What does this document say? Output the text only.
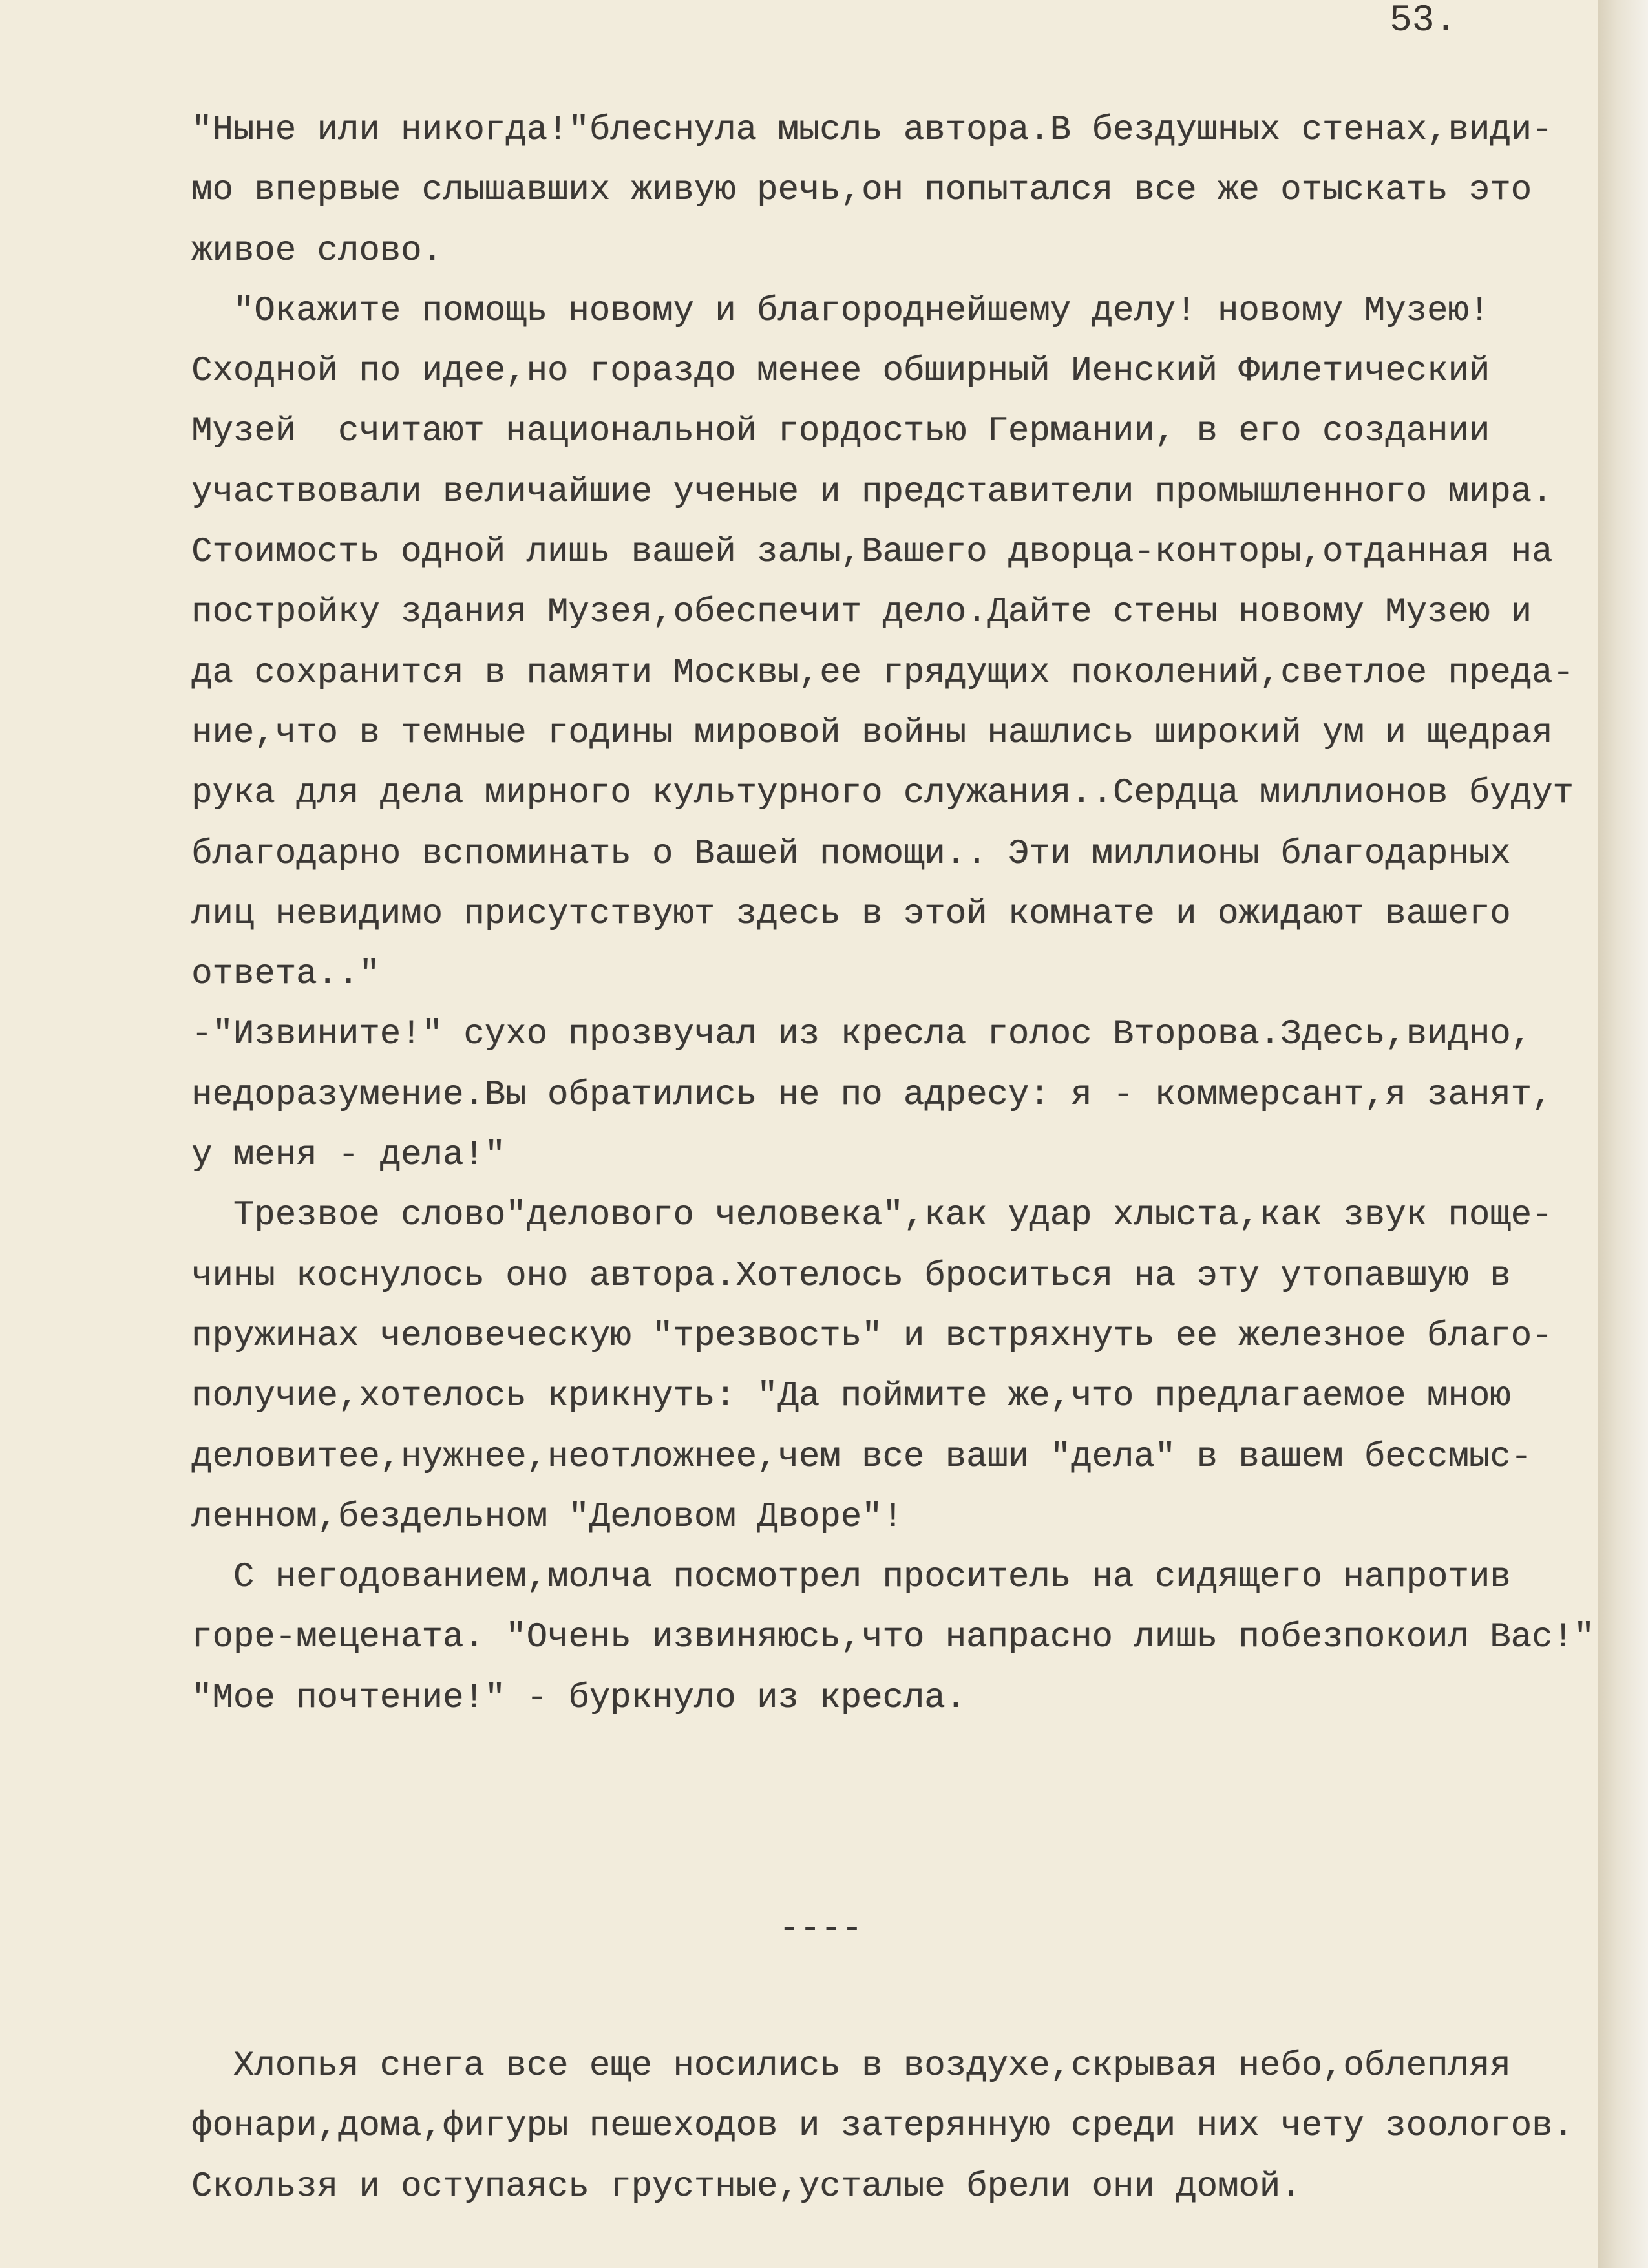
53.

"Ныне или никогда!"блеснула мысль автора.В бездушных стенах,види-
мо впервые слышавших живую речь,он попытался все же отыскать это
живое слово.
"Окажите помощь новому и благороднейшему делу! новому Музею!
Сходной по идее,но гораздо менее обширный Иенский Филетический
Музей  считают национальной гордостью Германии, в его создании
участвовали величайшие ученые и представители промышленного мира.
Стоимость одной лишь вашей залы,Вашего дворца-конторы,отданная на
постройку здания Музея,обеспечит дело.Дайте стены новому Музею и
да сохранится в памяти Москвы,ее грядущих поколений,светлое преда-
ние,что в темные годины мировой войны нашлись широкий ум и щедрая
рука для дела мирного культурного служания..Сердца миллионов будут
благодарно вспоминать о Вашей помощи.. Эти миллионы благодарных
лиц невидимо присутствуют здесь в этой комнате и ожидают вашего
ответа.."
-"Извините!" сухо прозвучал из кресла голос Второва.Здесь,видно,
недоразумение.Вы обратились не по адресу: я - коммерсант,я занят,
у меня - дела!"
Трезвое слово"делового человека",как удар хлыста,как звук поще-
чины коснулось оно автора.Хотелось броситься на эту утопавшую в
пружинах человеческую "трезвость" и встряхнуть ее железное благо-
получие,хотелось крикнуть: "Да поймите же,что предлагаемое мною
деловитее,нужнее,неотложнее,чем все ваши "дела" в вашем бессмыс-
ленном,бездельном "Деловом Дворе"!
С негодованием,молча посмотрел проситель на сидящего напротив
горе-мецената. "Очень извиняюсь,что напрасно лишь побезпокоил Вас!"
"Мое почтение!" - буркнуло из кресла.

----

Хлопья снега все еще носились в воздухе,скрывая небо,облепляя
фонари,дома,фигуры пешеходов и затерянную среди них чету зоологов.
Скользя и оступаясь грустные,усталые брели они домой.
